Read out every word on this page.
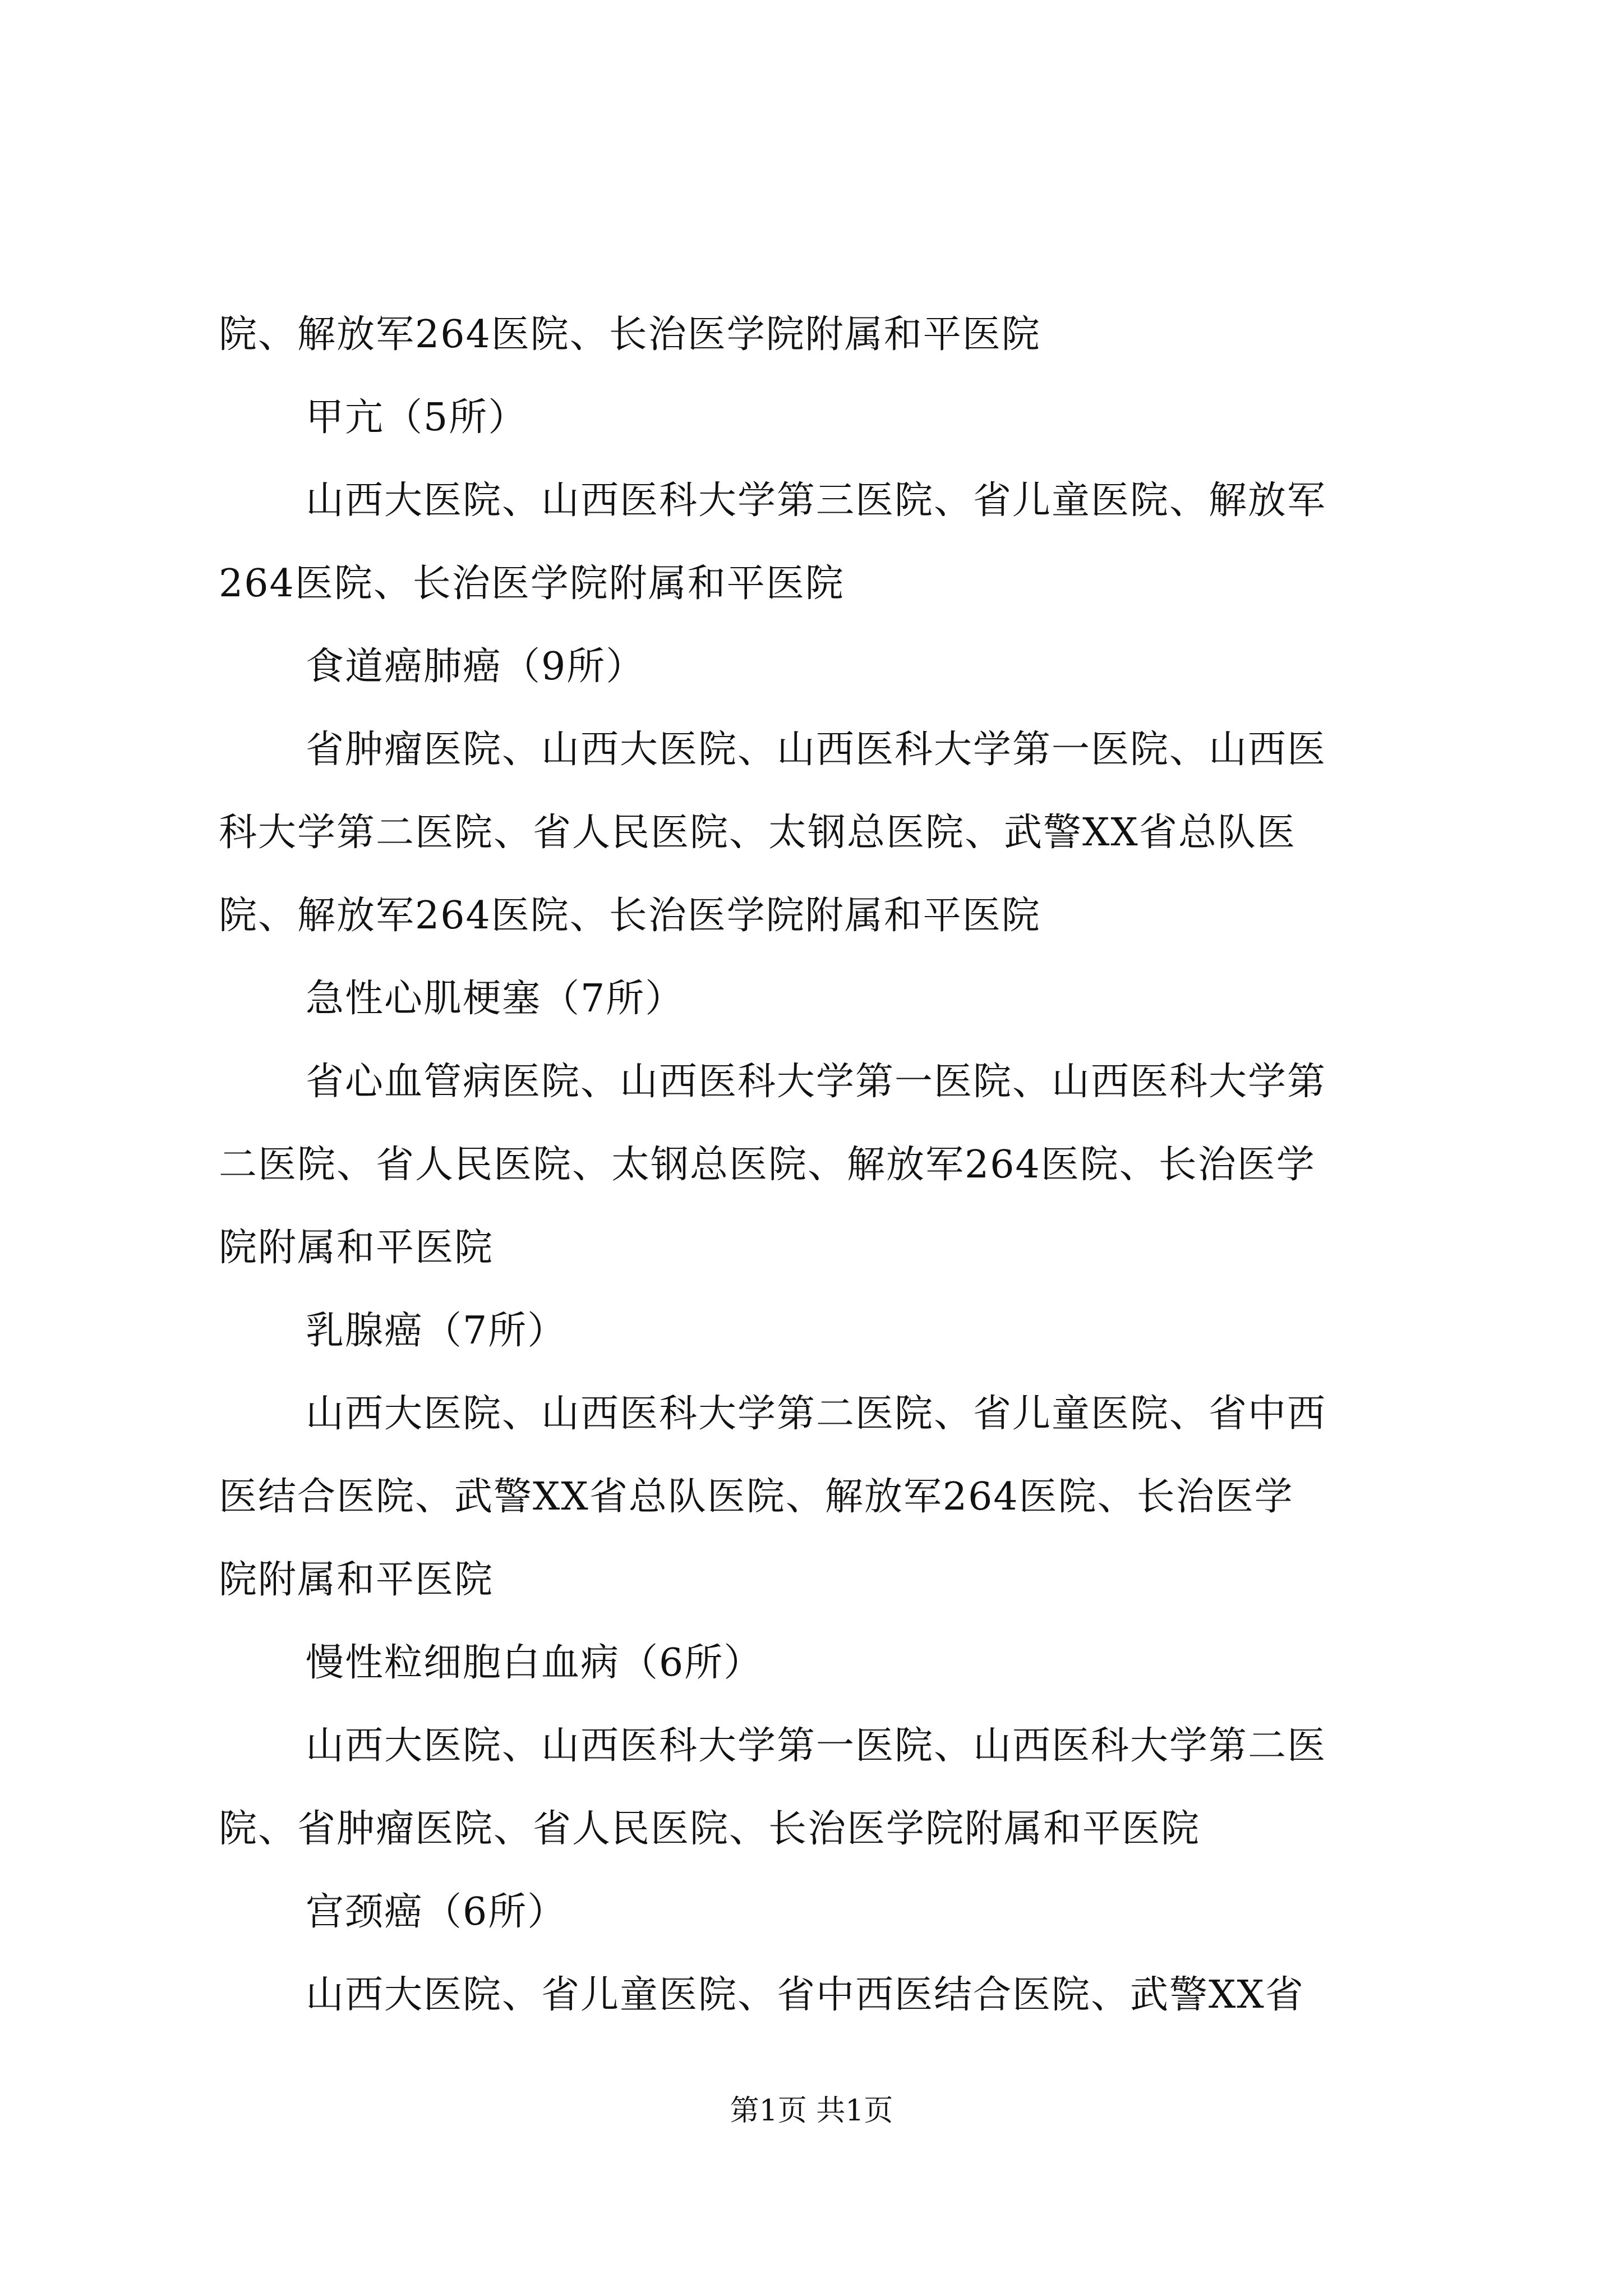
院、解放军264医院、长治医学院附属和平医院
甲亢（5所）
山西大医院、山西医科大学第三医院、省儿童医院、解放军
264医院、长治医学院附属和平医院
食道癌肺癌（9所）
省肿瘤医院、山西大医院、山西医科大学第一医院、山西医
科大学第二医院、省人民医院、太钢总医院、武警XX省总队医
院、解放军264医院、长治医学院附属和平医院
急性心肌梗塞（7所）
省心血管病医院、山西医科大学第一医院、山西医科大学第
二医院、省人民医院、太钢总医院、解放军264医院、长治医学
院附属和平医院
乳腺癌（7所）
山西大医院、山西医科大学第二医院、省儿童医院、省中西
医结合医院、武警XX省总队医院、解放军264医院、长治医学
院附属和平医院
慢性粒细胞白血病（6所）
山西大医院、山西医科大学第一医院、山西医科大学第二医
院、省肿瘤医院、省人民医院、长治医学院附属和平医院
宫颈癌（6所）
山西大医院、省儿童医院、省中西医结合医院、武警XX省
第1页 共1页
